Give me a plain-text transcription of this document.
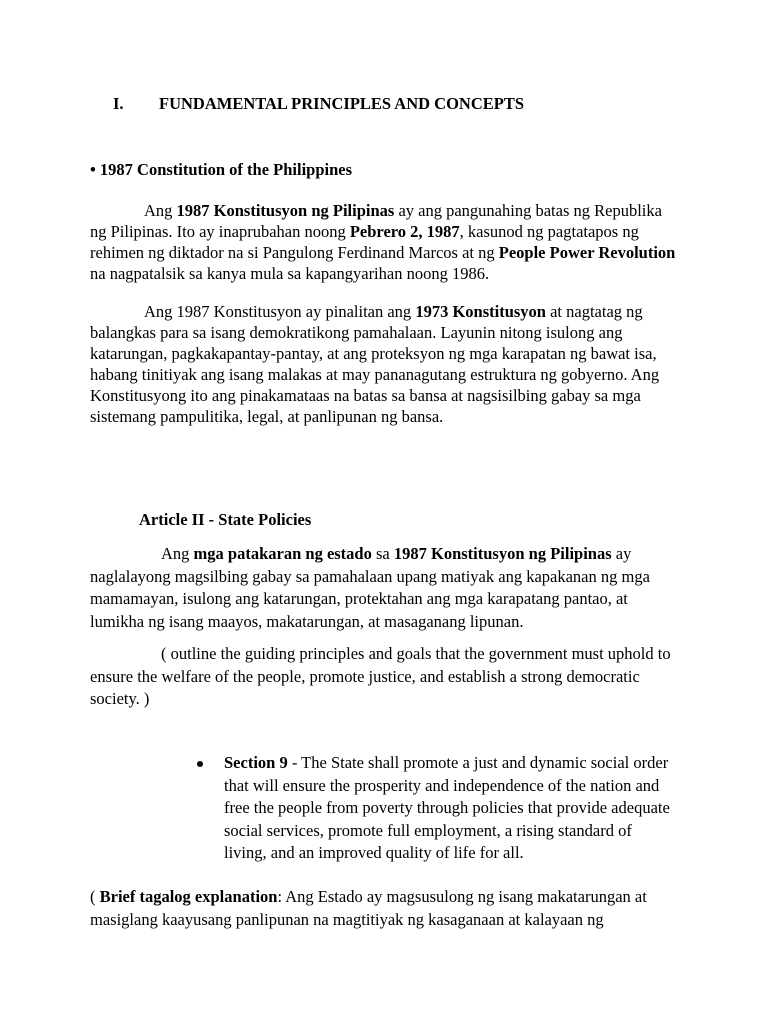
I. FUNDAMENTAL PRINCIPLES AND CONCEPTS
• 1987 Constitution of the Philippines
Ang 1987 Konstitusyon ng Pilipinas ay ang pangunahing batas ng Republika ng Pilipinas. Ito ay inaprubahan noong Pebrero 2, 1987, kasunod ng pagtatapos ng rehimen ng diktador na si Pangulong Ferdinand Marcos at ng People Power Revolution na nagpatalsik sa kanya mula sa kapangyarihan noong 1986.
Ang 1987 Konstitusyon ay pinalitan ang 1973 Konstitusyon at nagtatag ng balangkas para sa isang demokratikong pamahalaan. Layunin nitong isulong ang katarungan, pagkakapantay-pantay, at ang proteksyon ng mga karapatan ng bawat isa, habang tinitiyak ang isang malakas at may pananagutang estruktura ng gobyerno. Ang Konstitusyong ito ang pinakamataas na batas sa bansa at nagsisilbing gabay sa mga sistemang pampulitika, legal, at panlipunan ng bansa.
Article II - State Policies
Ang mga patakaran ng estado sa 1987 Konstitusyon ng Pilipinas ay naglalayong magsilbing gabay sa pamahalaan upang matiyak ang kapakanan ng mga mamamayan, isulong ang katarungan, protektahan ang mga karapatang pantao, at lumikha ng isang maayos, makatarungan, at masaganang lipunan.
( outline the guiding principles and goals that the government must uphold to ensure the welfare of the people, promote justice, and establish a strong democratic society. )
Section 9 - The State shall promote a just and dynamic social order that will ensure the prosperity and independence of the nation and free the people from poverty through policies that provide adequate social services, promote full employment, a rising standard of living, and an improved quality of life for all.
( Brief tagalog explanation: Ang Estado ay magsusulong ng isang makatarungan at masiglang kaayusang panlipunan na magtitiyak ng kasaganaan at kalayaan ng
